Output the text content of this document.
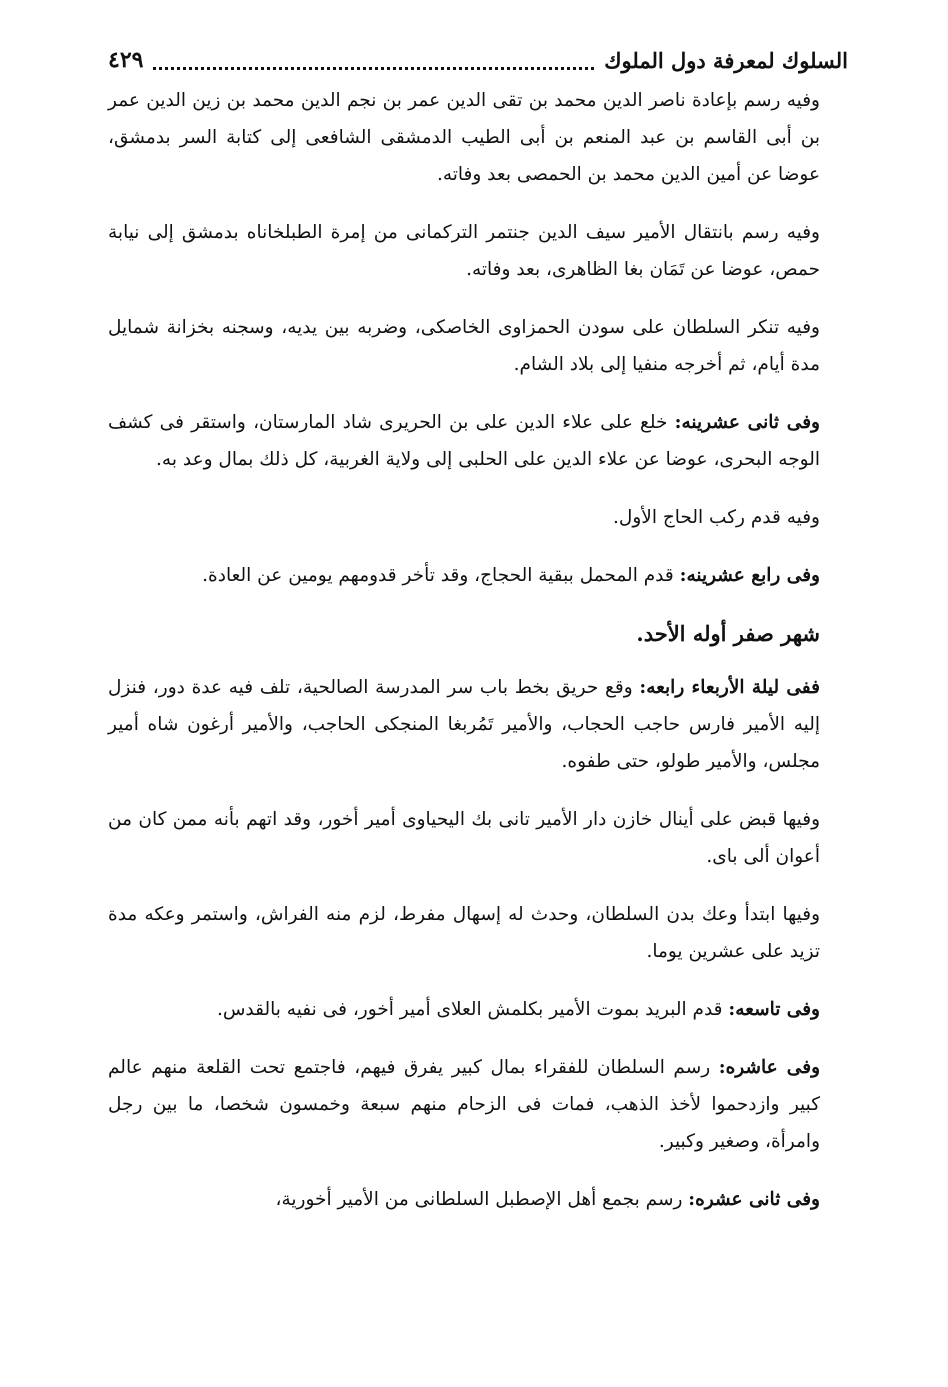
السلوك لمعرفة دول الملوك
٤٢٩

وفيه رسم بإعادة ناصر الدين محمد بن تقى الدين عمر بن نجم الدين محمد بن زين الدين عمر بن أبى القاسم بن عبد المنعم بن أبى الطيب الدمشقى الشافعى إلى كتابة السر بدمشق، عوضا عن أمين الدين محمد بن الحمصى بعد وفاته.

وفيه رسم بانتقال الأمير سيف الدين جنتمر التركمانى من إمرة الطبلخاناه بدمشق إلى نيابة حمص، عوضا عن تَمَان بغا الظاهرى، بعد وفاته.

وفيه تنكر السلطان على سودن الحمزاوى الخاصكى، وضربه بين يديه، وسجنه بخزانة شمايل مدة أيام، ثم أخرجه منفيا إلى بلاد الشام.

وفى ثانى عشرينه: خلع على علاء الدين على بن الحريرى شاد المارستان، واستقر فى كشف الوجه البحرى، عوضا عن علاء الدين على الحلبى إلى ولاية الغربية، كل ذلك بمال وعد به.

وفيه قدم ركب الحاج الأول.

وفى رابع عشرينه: قدم المحمل ببقية الحجاج، وقد تأخر قدومهم يومين عن العادة.

شهر صفر أوله الأحد.

ففى ليلة الأربعاء رابعه: وقع حريق بخط باب سر المدرسة الصالحية، تلف فيه عدة دور، فنزل إليه الأمير فارس حاجب الحجاب، والأمير تَمُربغا المنجكى الحاجب، والأمير أرغون شاه أمير مجلس، والأمير طولو، حتى طفوه.

وفيها قبض على أينال خازن دار الأمير تانى بك اليحياوى أمير أخور، وقد اتهم بأنه ممن كان من أعوان ألى باى.

وفيها ابتدأ وعك بدن السلطان، وحدث له إسهال مفرط، لزم منه الفراش، واستمر وعكه مدة تزيد على عشرين يوما.

وفى تاسعه: قدم البريد بموت الأمير بكلمش العلاى أمير أخور، فى نفيه بالقدس.

وفى عاشره: رسم السلطان للفقراء بمال كبير يفرق فيهم، فاجتمع تحت القلعة منهم عالم كبير وازدحموا لأخذ الذهب، فمات فى الزحام منهم سبعة وخمسون شخصا، ما بين رجل وامرأة، وصغير وكبير.

وفى ثانى عشره: رسم بجمع أهل الإصطبل السلطانى من الأمير أخورية،
